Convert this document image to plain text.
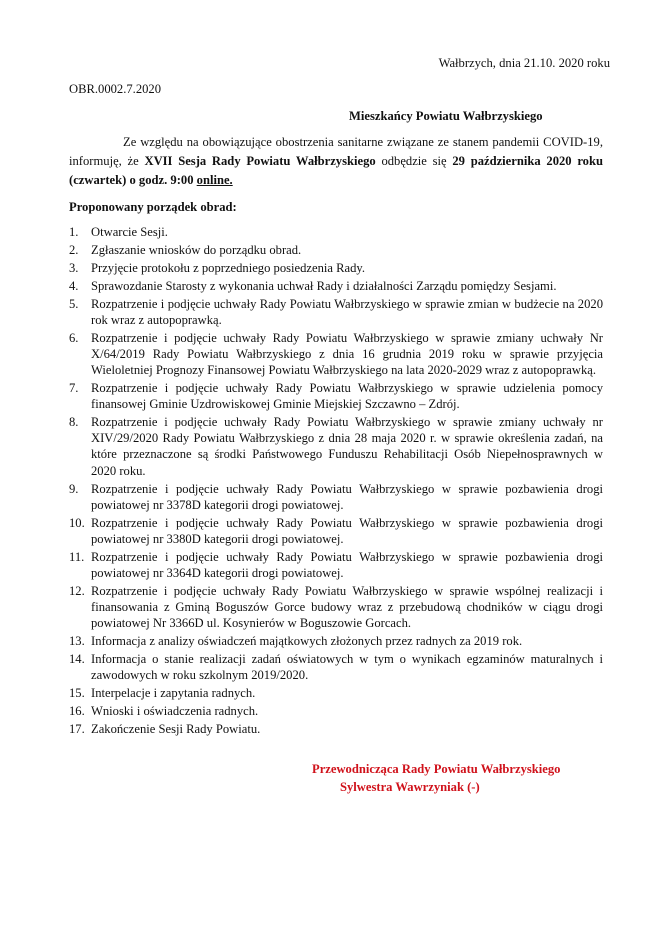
Wałbrzych, dnia 21.10. 2020 roku
OBR.0002.7.2020
Mieszkańcy Powiatu Wałbrzyskiego

Ze względu na obowiązujące obostrzenia sanitarne związane ze stanem pandemii COVID-19, informuję, że XVII Sesja Rady Powiatu Wałbrzyskiego odbędzie się 29 października 2020 roku (czwartek) o godz. 9:00 online.

Proponowany porządek obrad:
1. Otwarcie Sesji.
2. Zgłaszanie wniosków do porządku obrad.
3. Przyjęcie protokołu z poprzedniego posiedzenia Rady.
4. Sprawozdanie Starosty z wykonania uchwał Rady i działalności Zarządu pomiędzy Sesjami.
5. Rozpatrzenie i podjęcie uchwały Rady Powiatu Wałbrzyskiego w sprawie zmian w budżecie na 2020 rok wraz z autopoprawką.
6. Rozpatrzenie i podjęcie uchwały Rady Powiatu Wałbrzyskiego w sprawie zmiany uchwały Nr X/64/2019 Rady Powiatu Wałbrzyskiego z dnia 16 grudnia 2019 roku w sprawie przyjęcia Wieloletniej Prognozy Finansowej Powiatu Wałbrzyskiego na lata 2020-2029 wraz z autopoprawką.
7. Rozpatrzenie i podjęcie uchwały Rady Powiatu Wałbrzyskiego w sprawie udzielenia pomocy finansowej Gminie Uzdrowiskowej Gminie Miejskiej Szczawno – Zdrój.
8. Rozpatrzenie i podjęcie uchwały Rady Powiatu Wałbrzyskiego w sprawie zmiany uchwały nr XIV/29/2020 Rady Powiatu Wałbrzyskiego z dnia 28 maja 2020 r. w sprawie określenia zadań, na które przeznaczone są środki Państwowego Funduszu Rehabilitacji Osób Niepełnosprawnych w 2020 roku.
9. Rozpatrzenie i podjęcie uchwały Rady Powiatu Wałbrzyskiego w sprawie pozbawienia drogi powiatowej nr 3378D kategorii drogi powiatowej.
10. Rozpatrzenie i podjęcie uchwały Rady Powiatu Wałbrzyskiego w sprawie pozbawienia drogi powiatowej nr 3380D kategorii drogi powiatowej.
11. Rozpatrzenie i podjęcie uchwały Rady Powiatu Wałbrzyskiego w sprawie pozbawienia drogi powiatowej nr 3364D kategorii drogi powiatowej.
12. Rozpatrzenie i podjęcie uchwały Rady Powiatu Wałbrzyskiego w sprawie wspólnej realizacji i finansowania z Gminą Boguszów Gorce budowy wraz z przebudową chodników w ciągu drogi powiatowej Nr 3366D ul. Kosynierów w Boguszowie Gorcach.
13. Informacja z analizy oświadczeń majątkowych złożonych przez radnych za 2019 rok.
14. Informacja o stanie realizacji zadań oświatowych w tym o wynikach egzaminów maturalnych i zawodowych w roku szkolnym 2019/2020.
15. Interpelacje i zapytania radnych.
16. Wnioski i oświadczenia radnych.
17. Zakończenie Sesji Rady Powiatu.
Przewodnicząca Rady Powiatu Wałbrzyskiego
Sylwestra Wawrzyniak (-)
